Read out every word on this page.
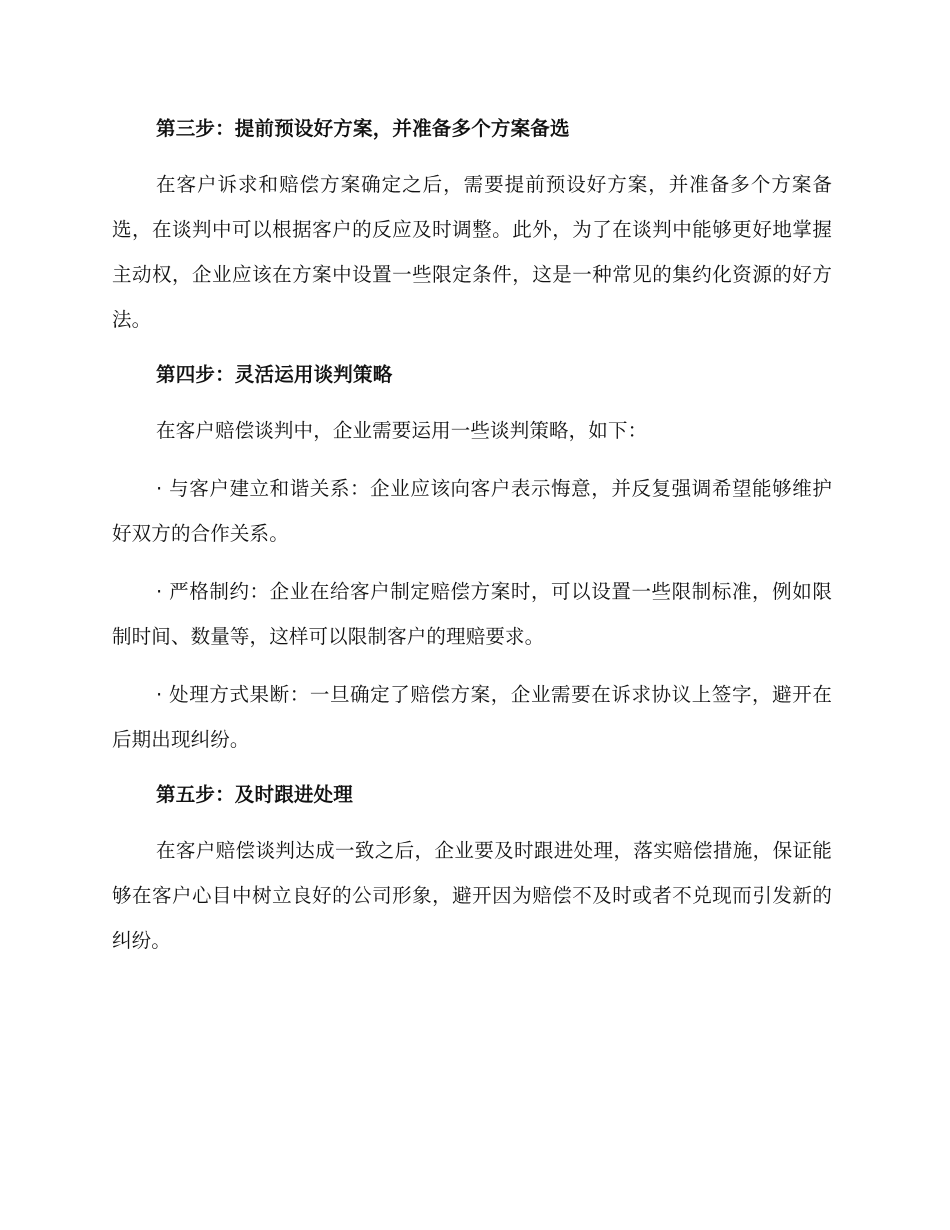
第三步：提前预设好方案，并准备多个方案备选

在客户诉求和赔偿方案确定之后，需要提前预设好方案，并准备多个方案备选，在谈判中可以根据客户的反应及时调整。此外，为了在谈判中能够更好地掌握主动权，企业应该在方案中设置一些限定条件，这是一种常见的集约化资源的好方法。

第四步：灵活运用谈判策略

在客户赔偿谈判中，企业需要运用一些谈判策略，如下：

· 与客户建立和谐关系：企业应该向客户表示悔意，并反复强调希望能够维护好双方的合作关系。

· 严格制约：企业在给客户制定赔偿方案时，可以设置一些限制标准，例如限制时间、数量等，这样可以限制客户的理赔要求。

· 处理方式果断：一旦确定了赔偿方案，企业需要在诉求协议上签字，避开在后期出现纠纷。

第五步：及时跟进处理

在客户赔偿谈判达成一致之后，企业要及时跟进处理，落实赔偿措施，保证能够在客户心目中树立良好的公司形象，避开因为赔偿不及时或者不兑现而引发新的纠纷。
